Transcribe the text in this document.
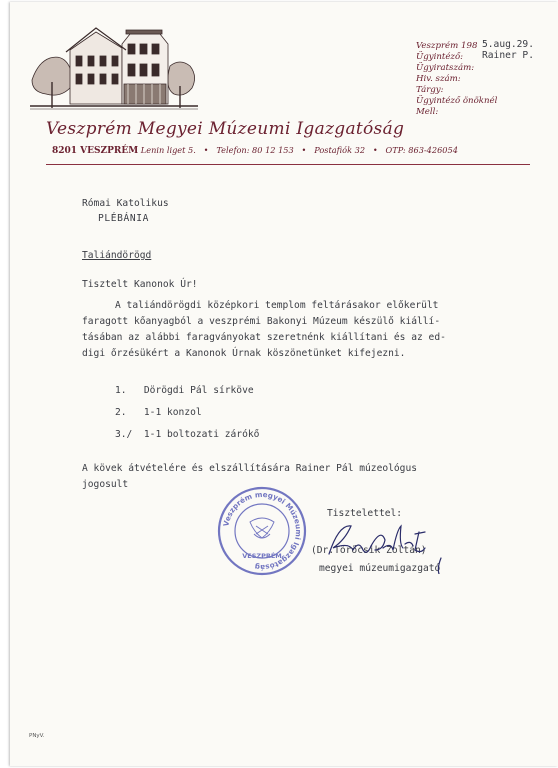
Veszprém Megyei Múzeumi Igazgatóság
8201 VESZPRÉM Lenin liget 5. • Telefon: 80 12 153 • Postafiók 32 • OTP: 863-426054
Veszprém 198
Ügyintéző:
Ügyiratszám:
Hiv. szám:
Tárgy:
Ügyintéző önöknél
Mell:
5.aug.29.
Rainer P.
Római Katolikus
PLÉBÁNIA
Taliándörögd
Tisztelt Kanonok Úr!
A taliándörögdi középkori templom feltárásakor előkerült
faragott kőanyagból a veszprémi Bakonyi Múzeum készülő kiállí-
tásában az alábbi faragványokat szeretnénk kiállítani és az ed-
digi őrzésükért a Kanonok Úrnak köszönetünket kifejezni.
1. Dörögdi Pál sírköve
2. 1-1 konzol
3./ 1-1 boltozati zárókő
A kövek átvételére és elszállítására Rainer Pál múzeológus
jogosult
Tisztelettel:
(Dr.Törőcsik Zoltán)
megyei múzeumigazgató
Veszprém megyei Múzeumi Igazgatóság
VESZPRÉM
PNyV.
